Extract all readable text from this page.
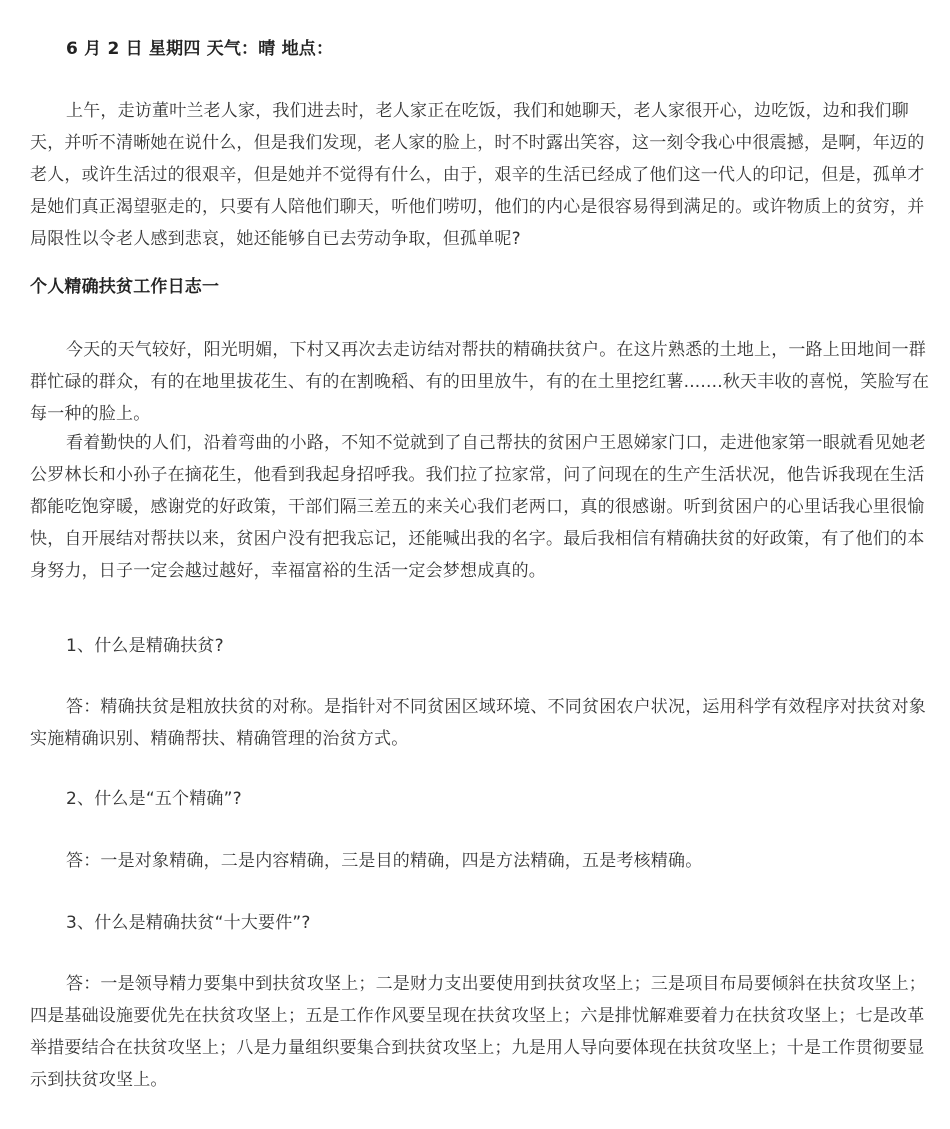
6 月 2 日 星期四 天气：晴 地点：

上午，走访董叶兰老人家，我们进去时，老人家正在吃饭，我们和她聊天，老人家很开心，边吃饭，边和我们聊天，并听不清晰她在说什么，但是我们发现，老人家的脸上，时不时露出笑容，这一刻令我心中很震撼，是啊，年迈的老人，或许生活过的很艰辛，但是她并不觉得有什么，由于，艰辛的生活已经成了他们这一代人的印记，但是，孤单才是她们真正渴望驱走的，只要有人陪他们聊天，听他们唠叨，他们的内心是很容易得到满足的。或许物质上的贫穷，并局限性以令老人感到悲哀，她还能够自已去劳动争取，但孤单呢?

个人精确扶贫工作日志一

今天的天气较好，阳光明媚，下村又再次去走访结对帮扶的精确扶贫户。在这片熟悉的土地上，一路上田地间一群群忙碌的群众，有的在地里拔花生、有的在割晚稻、有的田里放牛，有的在土里挖红薯.......秋天丰收的喜悦，笑脸写在每一种的脸上。

看着勤快的人们，沿着弯曲的小路，不知不觉就到了自己帮扶的贫困户王恩娣家门口，走进他家第一眼就看见她老公罗林长和小孙子在摘花生，他看到我起身招呼我。我们拉了拉家常，问了问现在的生产生活状况，他告诉我现在生活都能吃饱穿暖，感谢党的好政策，干部们隔三差五的来关心我们老两口，真的很感谢。听到贫困户的心里话我心里很愉快，自开展结对帮扶以来，贫困户没有把我忘记，还能喊出我的名字。最后我相信有精确扶贫的好政策，有了他们的本身努力，日子一定会越过越好，幸福富裕的生活一定会梦想成真的。

1、什么是精确扶贫?

答：精确扶贫是粗放扶贫的对称。是指针对不同贫困区域环境、不同贫困农户状况，运用科学有效程序对扶贫对象实施精确识别、精确帮扶、精确管理的治贫方式。

2、什么是“五个精确”?

答：一是对象精确，二是内容精确，三是目的精确，四是方法精确，五是考核精确。

3、什么是精确扶贫“十大要件”?

答：一是领导精力要集中到扶贫攻坚上；二是财力支出要使用到扶贫攻坚上；三是项目布局要倾斜在扶贫攻坚上；四是基础设施要优先在扶贫攻坚上；五是工作作风要呈现在扶贫攻坚上；六是排忧解难要着力在扶贫攻坚上；七是改革举措要结合在扶贫攻坚上；八是力量组织要集合到扶贫攻坚上；九是用人导向要体现在扶贫攻坚上；十是工作贯彻要显示到扶贫攻坚上。
